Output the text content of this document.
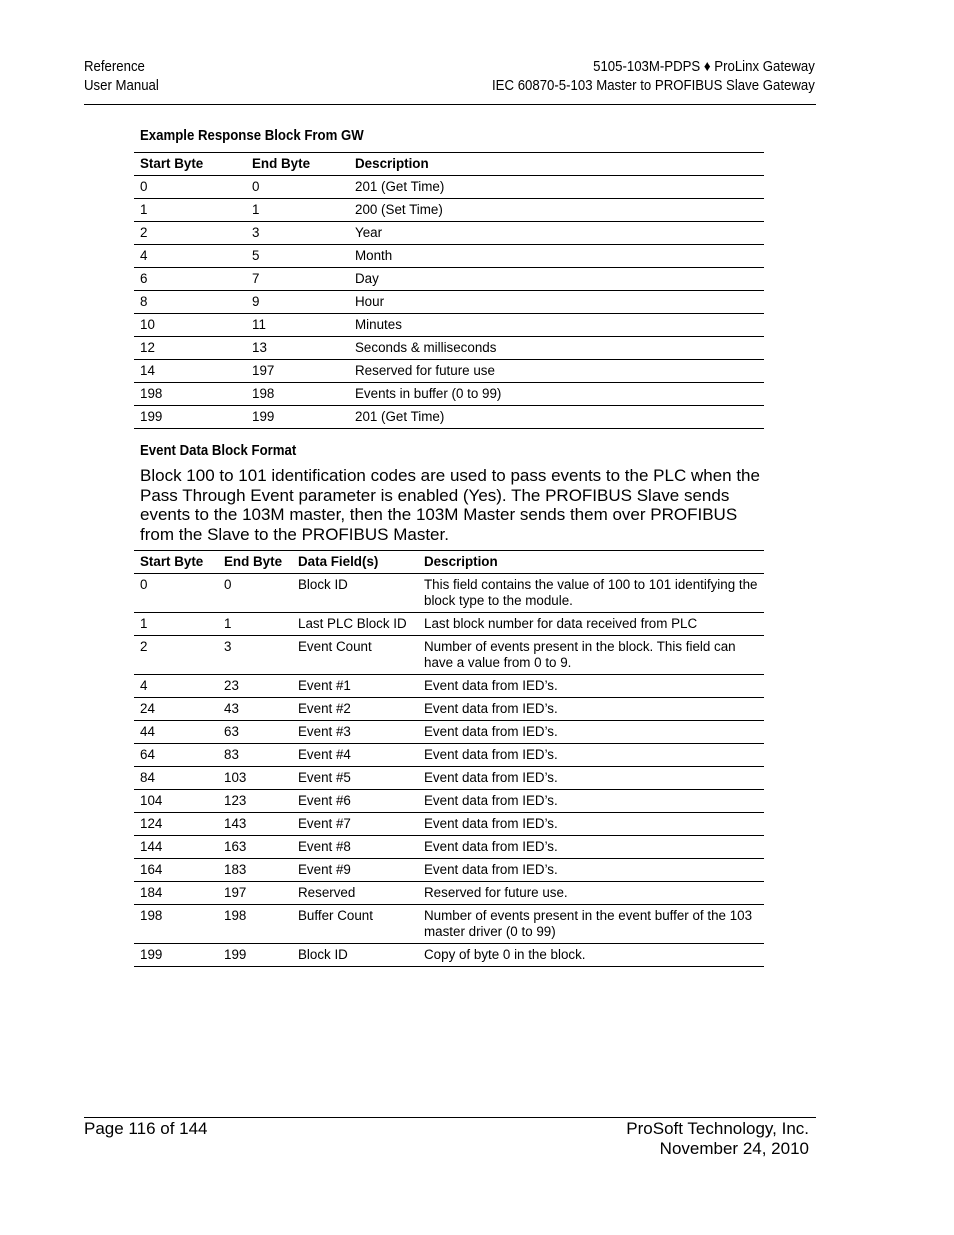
Reference
User Manual
5105-103M-PDPS ♦ ProLinx Gateway
IEC 60870-5-103 Master to PROFIBUS Slave Gateway
Example Response Block From GW
Start Byte	End Byte	Description
0	0	201 (Get Time)
1	1	200 (Set Time)
2	3	Year
4	5	Month
6	7	Day
8	9	Hour
10	11	Minutes
12	13	Seconds & milliseconds
14	197	Reserved for future use
198	198	Events in buffer (0 to 99)
199	199	201 (Get Time)
Event Data Block Format
Block 100 to 101 identification codes are used to pass events to the PLC when the Pass Through Event parameter is enabled (Yes). The PROFIBUS Slave sends events to the 103M master, then the 103M Master sends them over PROFIBUS from the Slave to the PROFIBUS Master.
Start Byte	End Byte	Data Field(s)	Description
0	0	Block ID	This field contains the value of 100 to 101 identifying the block type to the module.
1	1	Last PLC Block ID	Last block number for data received from PLC
2	3	Event Count	Number of events present in the block. This field can have a value from 0 to 9.
4	23	Event #1	Event data from IED’s.
24	43	Event #2	Event data from IED’s.
44	63	Event #3	Event data from IED’s.
64	83	Event #4	Event data from IED’s.
84	103	Event #5	Event data from IED’s.
104	123	Event #6	Event data from IED’s.
124	143	Event #7	Event data from IED’s.
144	163	Event #8	Event data from IED’s.
164	183	Event #9	Event data from IED’s.
184	197	Reserved	Reserved for future use.
198	198	Buffer Count	Number of events present in the event buffer of the 103 master driver (0 to 99)
199	199	Block ID	Copy of byte 0 in the block.
Page 116 of 144	ProSoft Technology, Inc.
November 24, 2010
